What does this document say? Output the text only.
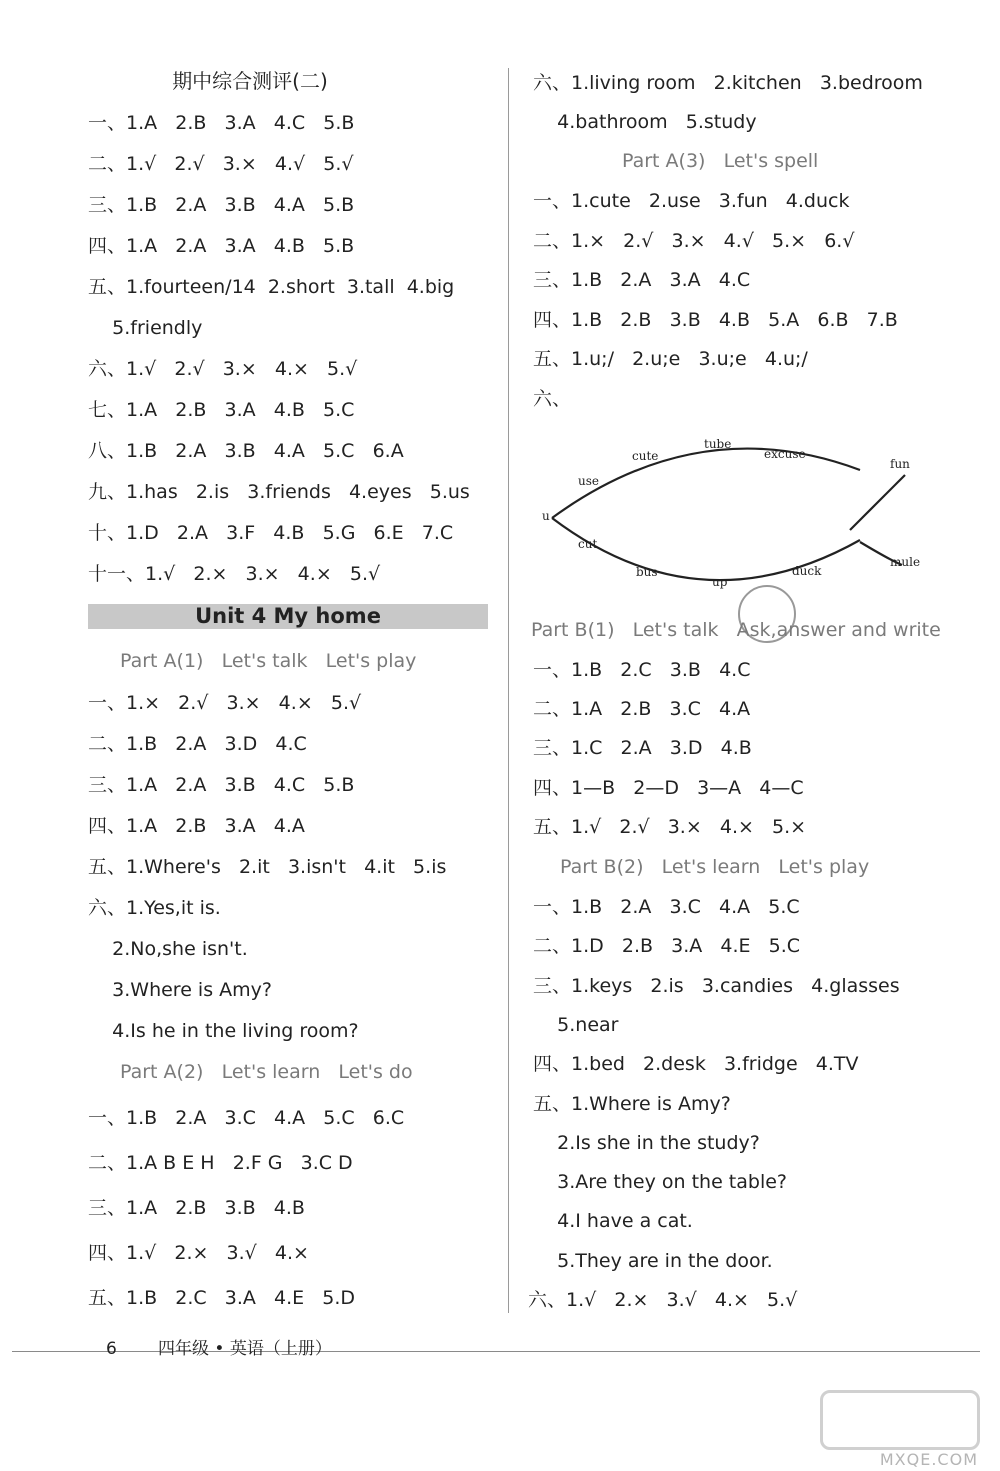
期中综合测评(二)
一、1.A   2.B   3.A   4.C   5.B
二、1.√   2.√   3.×   4.√   5.√
三、1.B   2.A   3.B   4.A   5.B
四、1.A   2.A   3.A   4.B   5.B
五、1.fourteen/14  2.short  3.tall  4.big
5.friendly
六、1.√   2.√   3.×   4.×   5.√
七、1.A   2.B   3.A   4.B   5.C
八、1.B   2.A   3.B   4.A   5.C   6.A
九、1.has   2.is   3.friends   4.eyes   5.us
十、1.D   2.A   3.F   4.B   5.G   6.E   7.C
十一、1.√   2.×   3.×   4.×   5.√
Unit 4 My home
Part A(1)   Let's talk   Let's play
一、1.×   2.√   3.×   4.×   5.√
二、1.B   2.A   3.D   4.C
三、1.A   2.A   3.B   4.C   5.B
四、1.A   2.B   3.A   4.A
五、1.Where's   2.it   3.isn't   4.it   5.is
六、1.Yes,it is.
2.No,she isn't.
3.Where is Amy?
4.Is he in the living room?
Part A(2)   Let's learn   Let's do
一、1.B   2.A   3.C   4.A   5.C   6.C
二、1.A B E H   2.F G   3.C D
三、1.A   2.B   3.B   4.B
四、1.√   2.×   3.√   4.×
五、1.B   2.C   3.A   4.E   5.D
六、1.living room   2.kitchen   3.bedroom
4.bathroom   5.study
Part A(3)   Let's spell
一、1.cute   2.use   3.fun   4.duck
二、1.×   2.√   3.×   4.√   5.×   6.√
三、1.B   2.A   3.A   4.C
四、1.B   2.B   3.B   4.B   5.A   6.B   7.B
五、1.u;/   2.u;e   3.u;e   4.u;/
六、
u
use
cute
tube
excuse
fun
cut
bus
up
duck
mule
Part B(1)   Let's talk   Ask,answer and write
一、1.B   2.C   3.B   4.C
二、1.A   2.B   3.C   4.A
三、1.C   2.A   3.D   4.B
四、1—B   2—D   3—A   4—C
五、1.√   2.√   3.×   4.×   5.×
Part B(2)   Let's learn   Let's play
一、1.B   2.A   3.C   4.A   5.C
二、1.D   2.B   3.A   4.E   5.C
三、1.keys   2.is   3.candies   4.glasses
5.near
四、1.bed   2.desk   3.fridge   4.TV
五、1.Where is Amy?
2.Is she in the study?
3.Are they on the table?
4.I have a cat.
5.They are in the door.
六、1.√   2.×   3.√   4.×   5.√
6 四年级 • 英语（上册）
MXQE.COM
